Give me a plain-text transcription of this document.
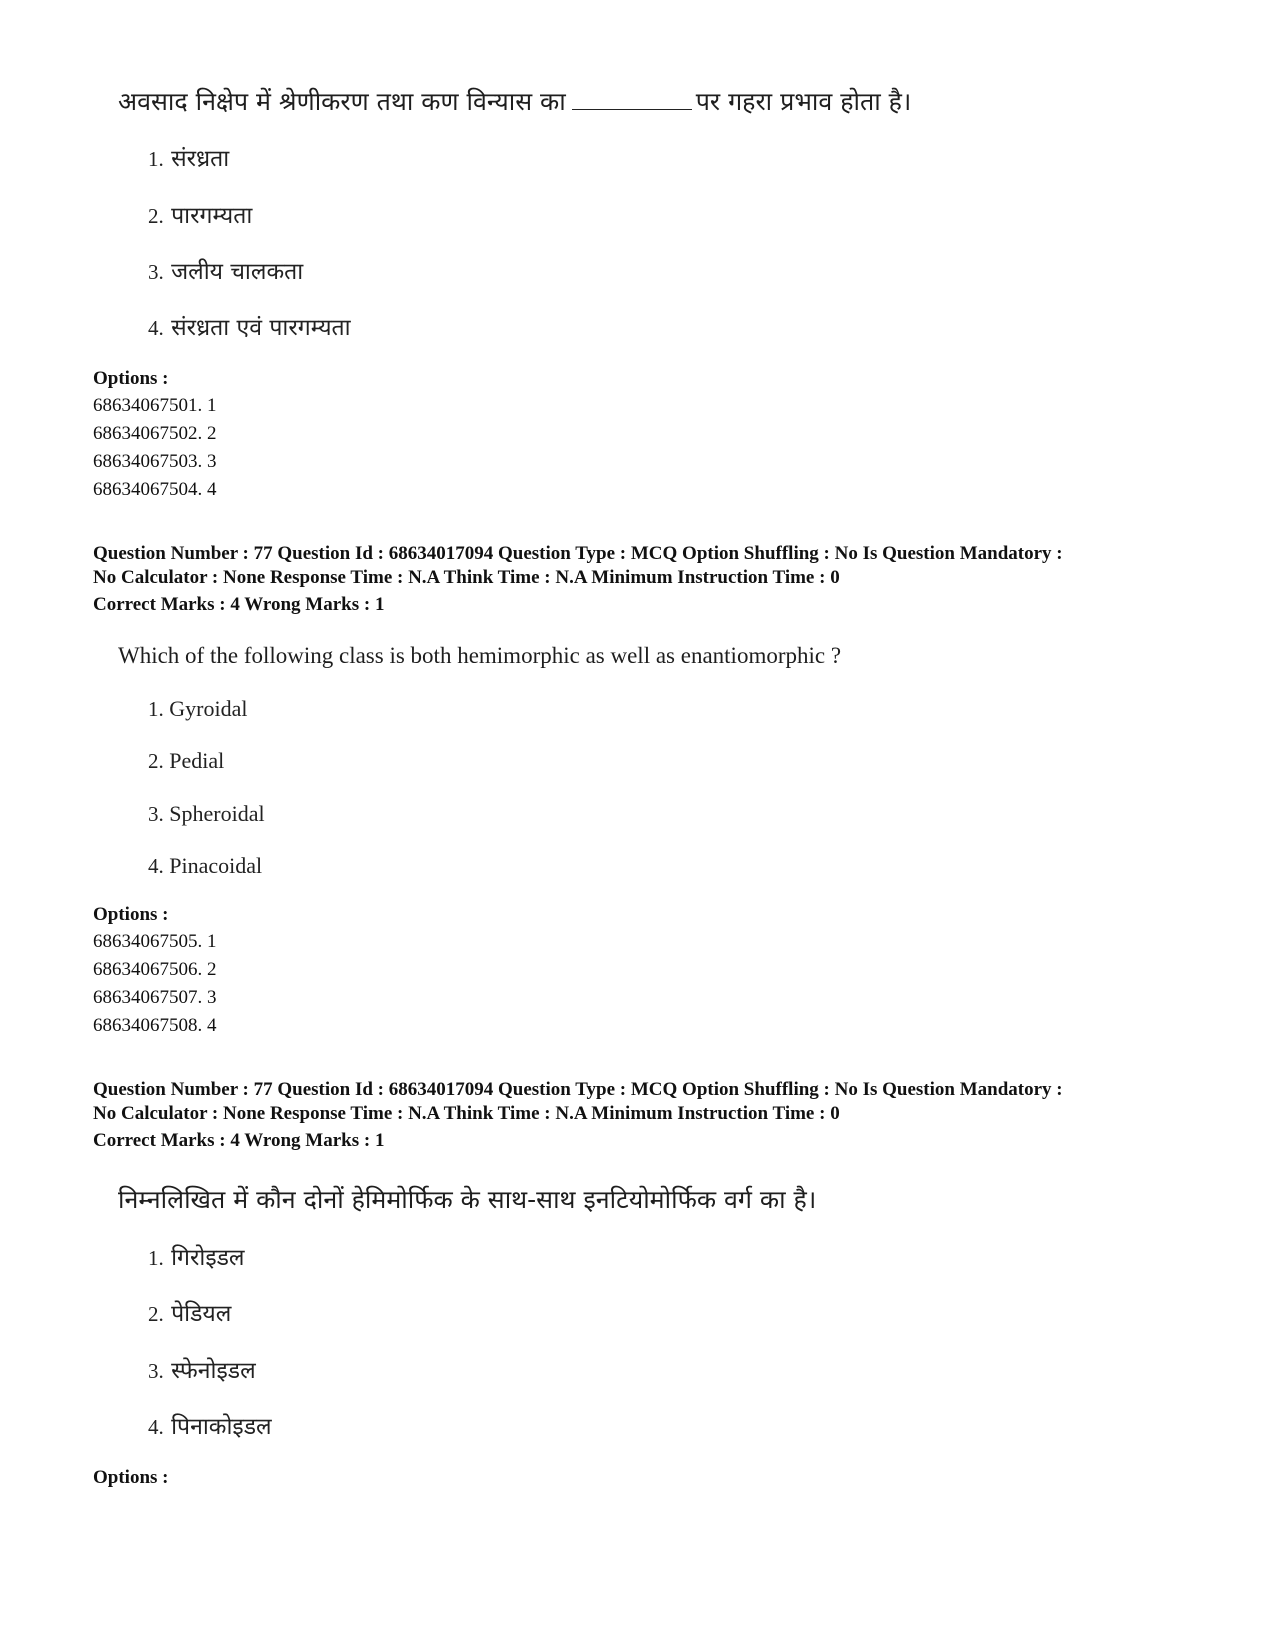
अवसाद निक्षेप में श्रेणीकरण तथा कण विन्यास का	पर गहरा प्रभाव होता है।

1. संरध्रता

2. पारगम्यता

3. जलीय चालकता

4. संरध्रता एवं पारगम्यता

Options :

68634067501. 1

68634067502. 2

68634067503. 3

68634067504. 4

Question Number : 77 Question Id : 68634017094 Question Type : MCQ Option Shuffling : No Is Question Mandatory :

No Calculator : None Response Time : N.A Think Time : N.A Minimum Instruction Time : 0

Correct Marks : 4 Wrong Marks : 1

Which of the following class is both hemimorphic as well as enantiomorphic ?

1. Gyroidal

2. Pedial

3. Spheroidal

4. Pinacoidal

Options :

68634067505. 1

68634067506. 2

68634067507. 3

68634067508. 4

Question Number : 77 Question Id : 68634017094 Question Type : MCQ Option Shuffling : No Is Question Mandatory :

No Calculator : None Response Time : N.A Think Time : N.A Minimum Instruction Time : 0

Correct Marks : 4 Wrong Marks : 1

निम्नलिखित में कौन दोनों हेमिमोर्फिक के साथ-साथ इनटियोमोर्फिक वर्ग का है।

1. गिरोइडल

2. पेडियल

3. स्फेनोइडल

4. पिनाकोइडल

Options :
